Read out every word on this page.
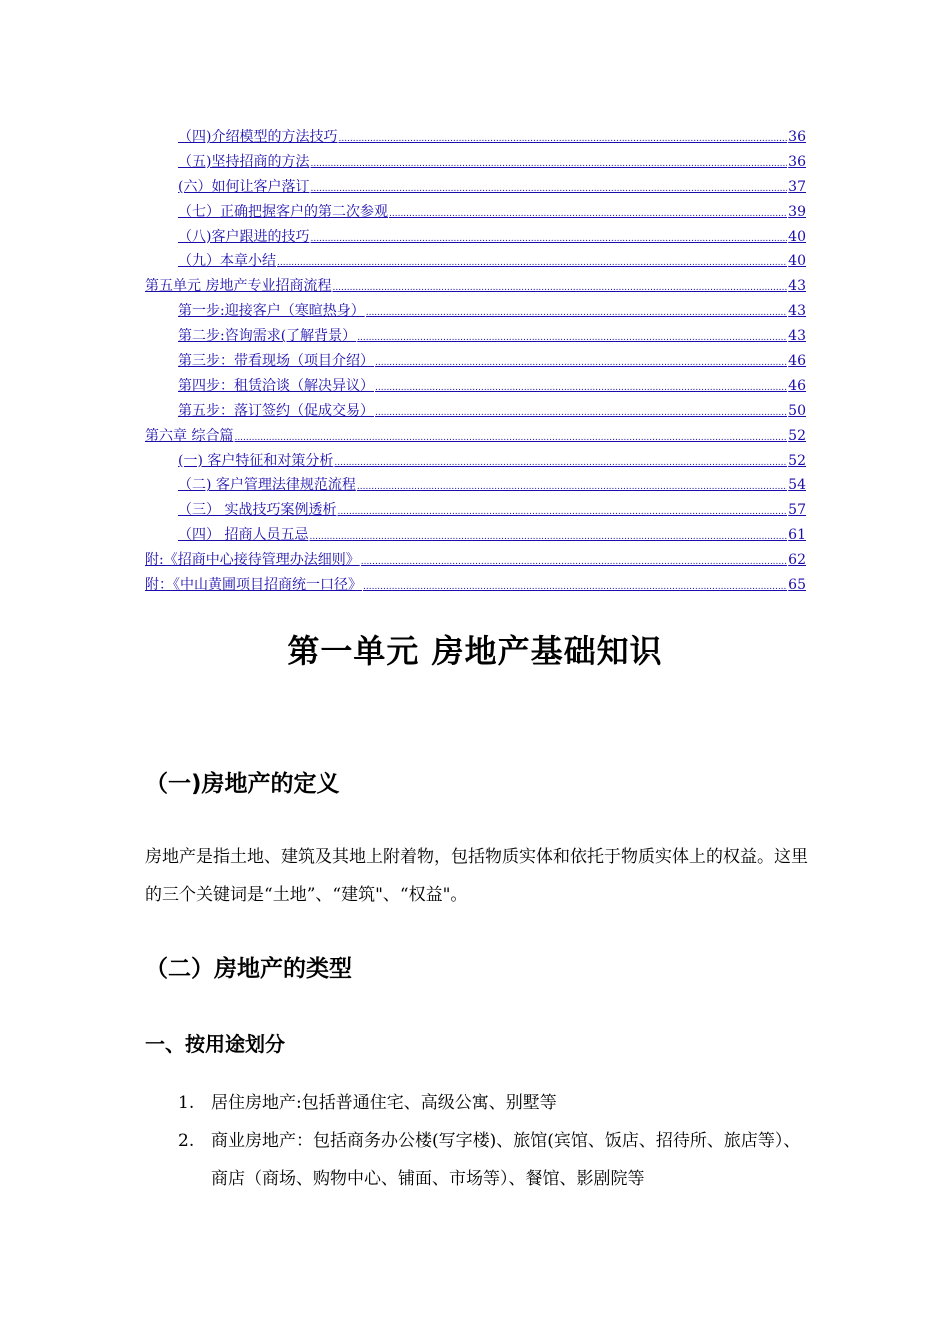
（四)介绍模型的方法技巧 .....	36
（五)坚持招商的方法 .....	36
(六）如何让客户落订 .....	37
（七）正确把握客户的第二次参观 .....	39
（八)客户跟进的技巧 .....	40
（九）本章小结 .....	40
第五单元 房地产专业招商流程 .....	43
第一步:迎接客户（寒暄热身） .....	43
第二步:咨询需求(了解背景） .....	43
第三步：带看现场（项目介绍） .....	46
第四步：租赁洽谈（解决异议） .....	46
第五步：落订签约（促成交易） .....	50
第六章 综合篇 .....	52
(一) 客户特征和对策分析 .....	52
（二) 客户管理法律规范流程 .....	54
（三） 实战技巧案例透析 .....	57
（四） 招商人员五忌 .....	61
附:《招商中心接待管理办法细则》 .....	62
附：《中山黄圃项目招商统一口径》 .....	65
第一单元 房地产基础知识
（一)房地产的定义
房地产是指土地、建筑及其地上附着物，包括物质实体和依托于物质实体上的权益。这里的三个关键词是“土地”、“建筑"、“权益"。
（二）房地产的类型
一、按用途划分
1. 居住房地产:包括普通住宅、高级公寓、别墅等
2. 商业房地产：包括商务办公楼(写字楼)、旅馆(宾馆、饭店、招待所、旅店等）、商店（商场、购物中心、铺面、市场等）、餐馆、影剧院等
